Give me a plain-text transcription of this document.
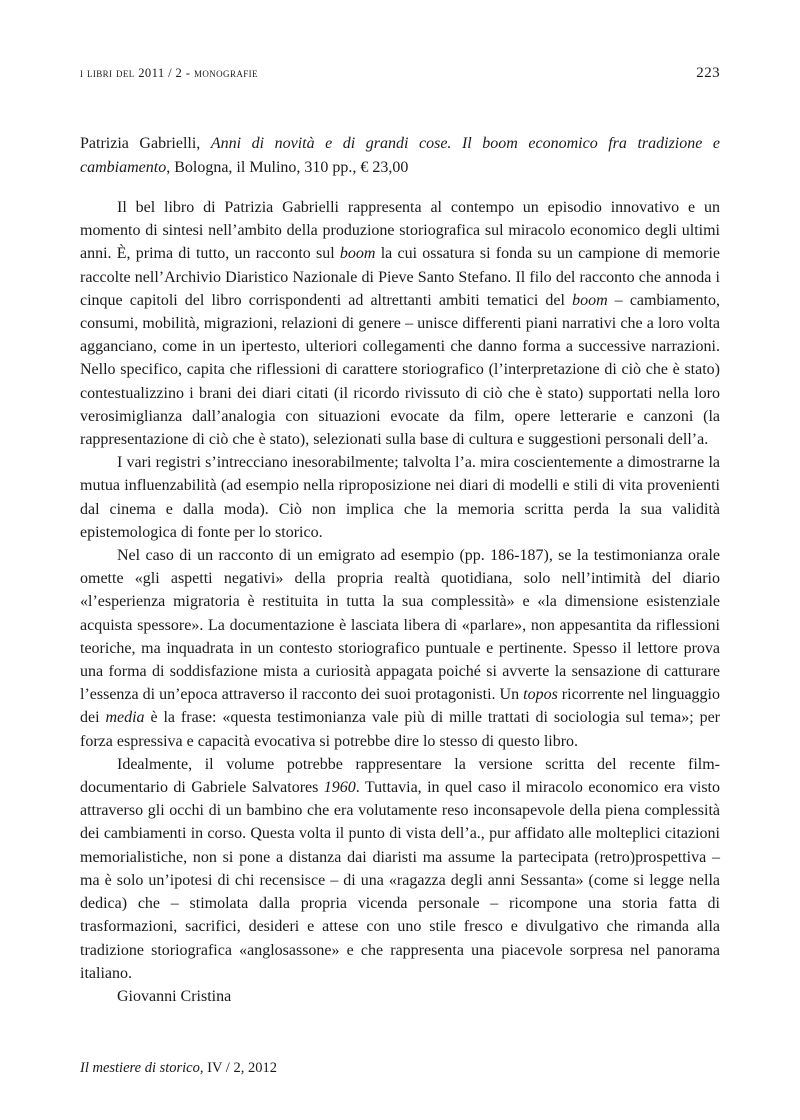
i libri del 2011 / 2 - monografie	223
Patrizia Gabrielli, Anni di novità e di grandi cose. Il boom economico fra tradizione e cambiamento, Bologna, il Mulino, 310 pp., € 23,00

Il bel libro di Patrizia Gabrielli rappresenta al contempo un episodio innovativo e un momento di sintesi nell’ambito della produzione storiografica sul miracolo economico degli ultimi anni. È, prima di tutto, un racconto sul boom la cui ossatura si fonda su un campione di memorie raccolte nell’Archivio Diaristico Nazionale di Pieve Santo Stefano. Il filo del racconto che annoda i cinque capitoli del libro corrispondenti ad altrettanti ambiti tematici del boom – cambiamento, consumi, mobilità, migrazioni, relazioni di genere – unisce differenti piani narrativi che a loro volta agganciano, come in un ipertesto, ulteriori collegamenti che danno forma a successive narrazioni. Nello specifico, capita che riflessioni di carattere storiografico (l’interpretazione di ciò che è stato) contestualizzino i brani dei diari citati (il ricordo rivissuto di ciò che è stato) supportati nella loro verosimiglianza dall’analogia con situazioni evocate da film, opere letterarie e canzoni (la rappresentazione di ciò che è stato), selezionati sulla base di cultura e suggestioni personali dell’a.

I vari registri s’intrecciano inesorabilmente; talvolta l’a. mira coscientemente a dimostrarne la mutua influenzabilità (ad esempio nella riproposizione nei diari di modelli e stili di vita provenienti dal cinema e dalla moda). Ciò non implica che la memoria scritta perda la sua validità epistemologica di fonte per lo storico.

Nel caso di un racconto di un emigrato ad esempio (pp. 186-187), se la testimonianza orale omette «gli aspetti negativi» della propria realtà quotidiana, solo nell’intimità del diario «l’esperienza migratoria è restituita in tutta la sua complessità» e «la dimensione esistenziale acquista spessore». La documentazione è lasciata libera di «parlare», non appesantita da riflessioni teoriche, ma inquadrata in un contesto storiografico puntuale e pertinente. Spesso il lettore prova una forma di soddisfazione mista a curiosità appagata poiché si avverte la sensazione di catturare l’essenza di un’epoca attraverso il racconto dei suoi protagonisti. Un topos ricorrente nel linguaggio dei media è la frase: «questa testimonianza vale più di mille trattati di sociologia sul tema»; per forza espressiva e capacità evocativa si potrebbe dire lo stesso di questo libro.

Idealmente, il volume potrebbe rappresentare la versione scritta del recente film-documentario di Gabriele Salvatores 1960. Tuttavia, in quel caso il miracolo economico era visto attraverso gli occhi di un bambino che era volutamente reso inconsapevole della piena complessità dei cambiamenti in corso. Questa volta il punto di vista dell’a., pur affidato alle molteplici citazioni memorialistiche, non si pone a distanza dai diaristi ma assume la partecipata (retro)prospettiva – ma è solo un’ipotesi di chi recensisce – di una «ragazza degli anni Sessanta» (come si legge nella dedica) che – stimolata dalla propria vicenda personale – ricompone una storia fatta di trasformazioni, sacrifici, desideri e attese con uno stile fresco e divulgativo che rimanda alla tradizione storiografica «anglosassone» e che rappresenta una piacevole sorpresa nel panorama italiano.

Giovanni Cristina

Il mestiere di storico, IV / 2, 2012
